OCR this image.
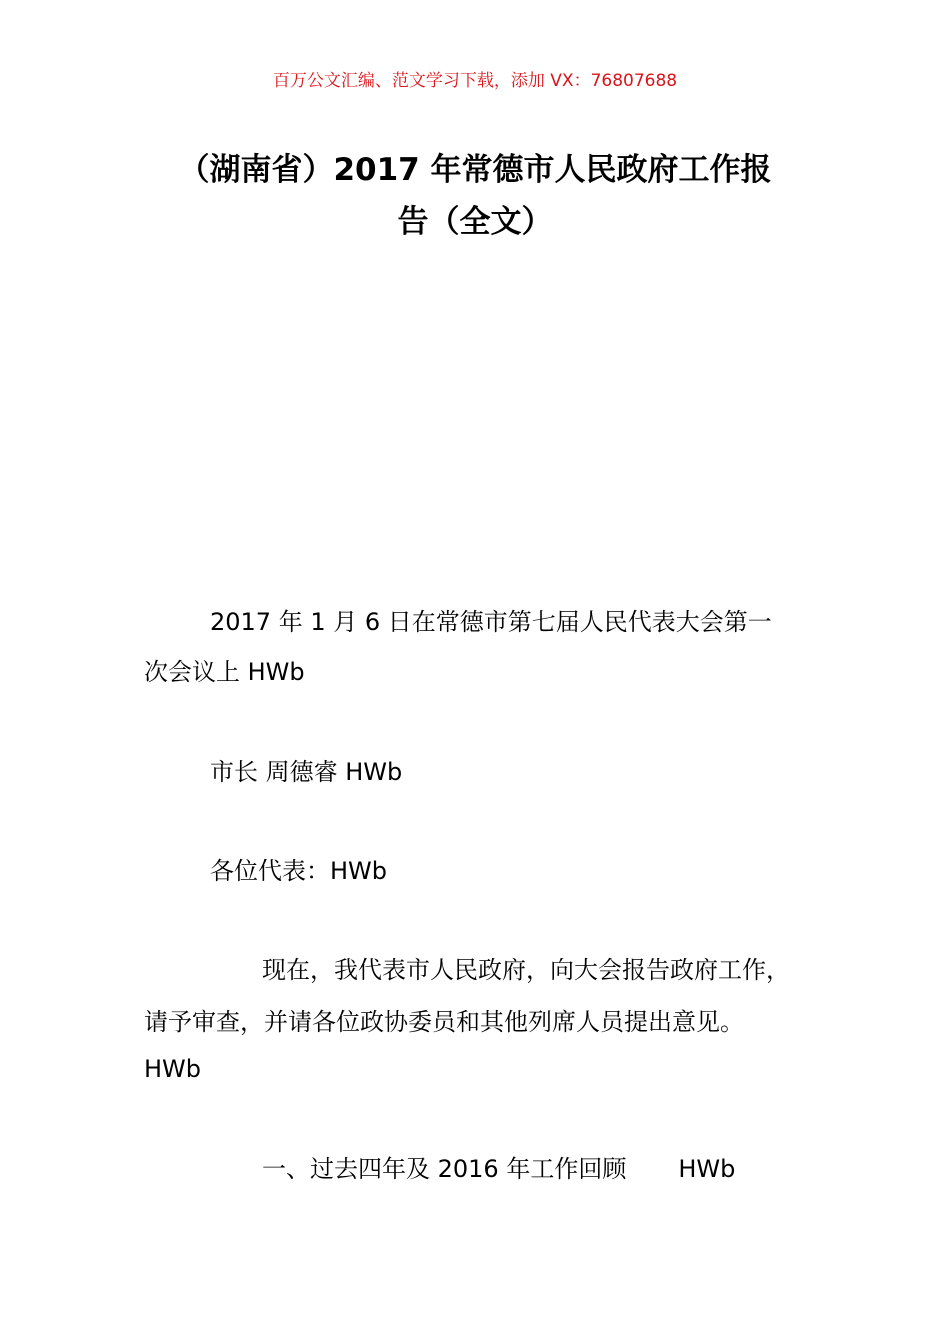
百万公文汇编、范文学习下载，添加 VX：76807688
（湖南省）2017 年常德市人民政府工作报
告（全文）
2017 年 1 月 6 日在常德市第七届人民代表大会第一
次会议上 HWb
市长 周德睿 HWb
各位代表：HWb
现在，我代表市人民政府，向大会报告政府工作，
请予审查，并请各位政协委员和其他列席人员提出意见。
HWb
一、过去四年及 2016 年工作回顾 HWb
